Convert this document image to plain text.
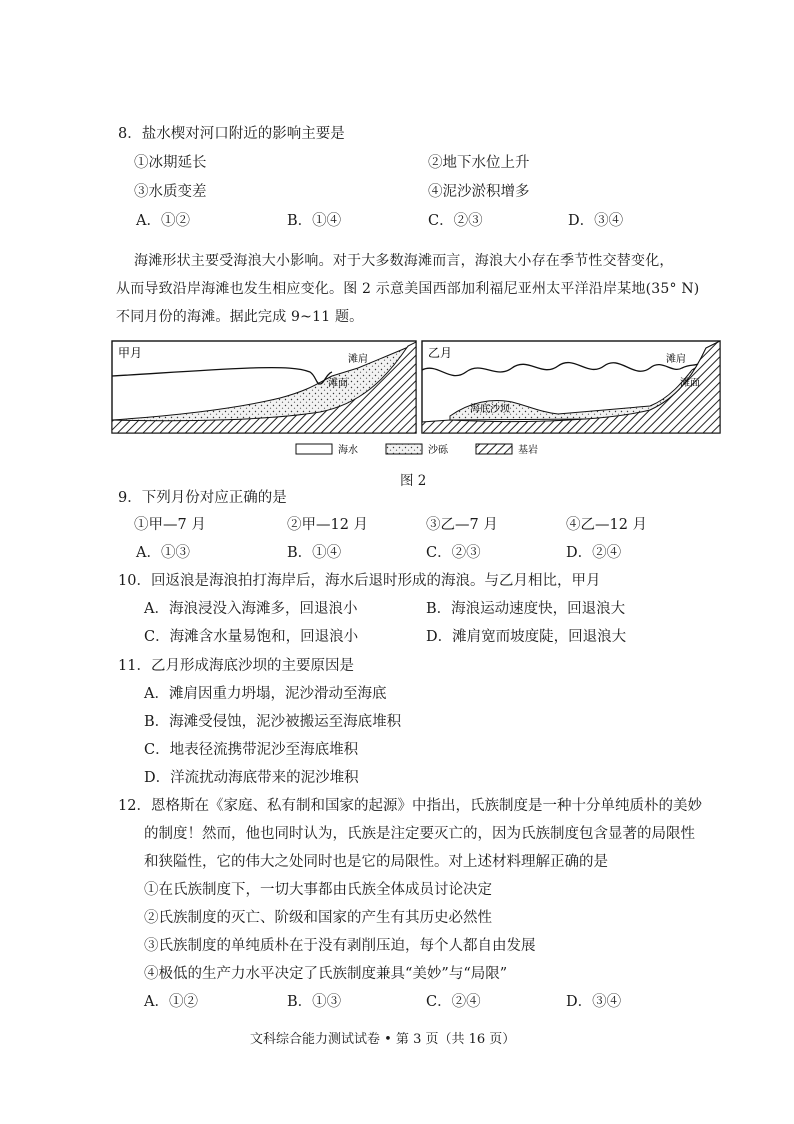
8．盐水楔对河口附近的影响主要是
①冰期延长	②地下水位上升
③水质变差	④泥沙淤积增多
A．①②	B．①④	C．②③	D．③④
海滩形状主要受海浪大小影响。对于大多数海滩而言，海浪大小存在季节性交替变化，
从而导致沿岸海滩也发生相应变化。图 2 示意美国西部加利福尼亚州太平洋沿岸某地(35° N)
不同月份的海滩。据此完成 9~11 题。
甲月	滩肩
滩面
乙月	滩肩
滩面
海底沙坝
海水	沙砾	基岩
图 2
9．下列月份对应正确的是
①甲—7 月	②甲—12 月	③乙—7 月	④乙—12 月
A．①③	B．①④	C．②③	D．②④
10．回返浪是海浪拍打海岸后，海水后退时形成的海浪。与乙月相比，甲月
A．海浪浸没入海滩多，回退浪小	B．海浪运动速度快，回退浪大
C．海滩含水量易饱和，回退浪小	D．滩肩宽而坡度陡，回退浪大
11．乙月形成海底沙坝的主要原因是
A．滩肩因重力坍塌，泥沙滑动至海底
B．海滩受侵蚀，泥沙被搬运至海底堆积
C．地表径流携带泥沙至海底堆积
D．洋流扰动海底带来的泥沙堆积
12．恩格斯在《家庭、私有制和国家的起源》中指出，氏族制度是一种十分单纯质朴的美妙
的制度！然而，他也同时认为，氏族是注定要灭亡的，因为氏族制度包含显著的局限性
和狭隘性，它的伟大之处同时也是它的局限性。对上述材料理解正确的是
①在氏族制度下，一切大事都由氏族全体成员讨论决定
②氏族制度的灭亡、阶级和国家的产生有其历史必然性
③氏族制度的单纯质朴在于没有剥削压迫，每个人都自由发展
④极低的生产力水平决定了氏族制度兼具“美妙”与“局限”
A．①②	B．①③	C．②④	D．③④
文科综合能力测试试卷 • 第 3 页（共 16 页）
